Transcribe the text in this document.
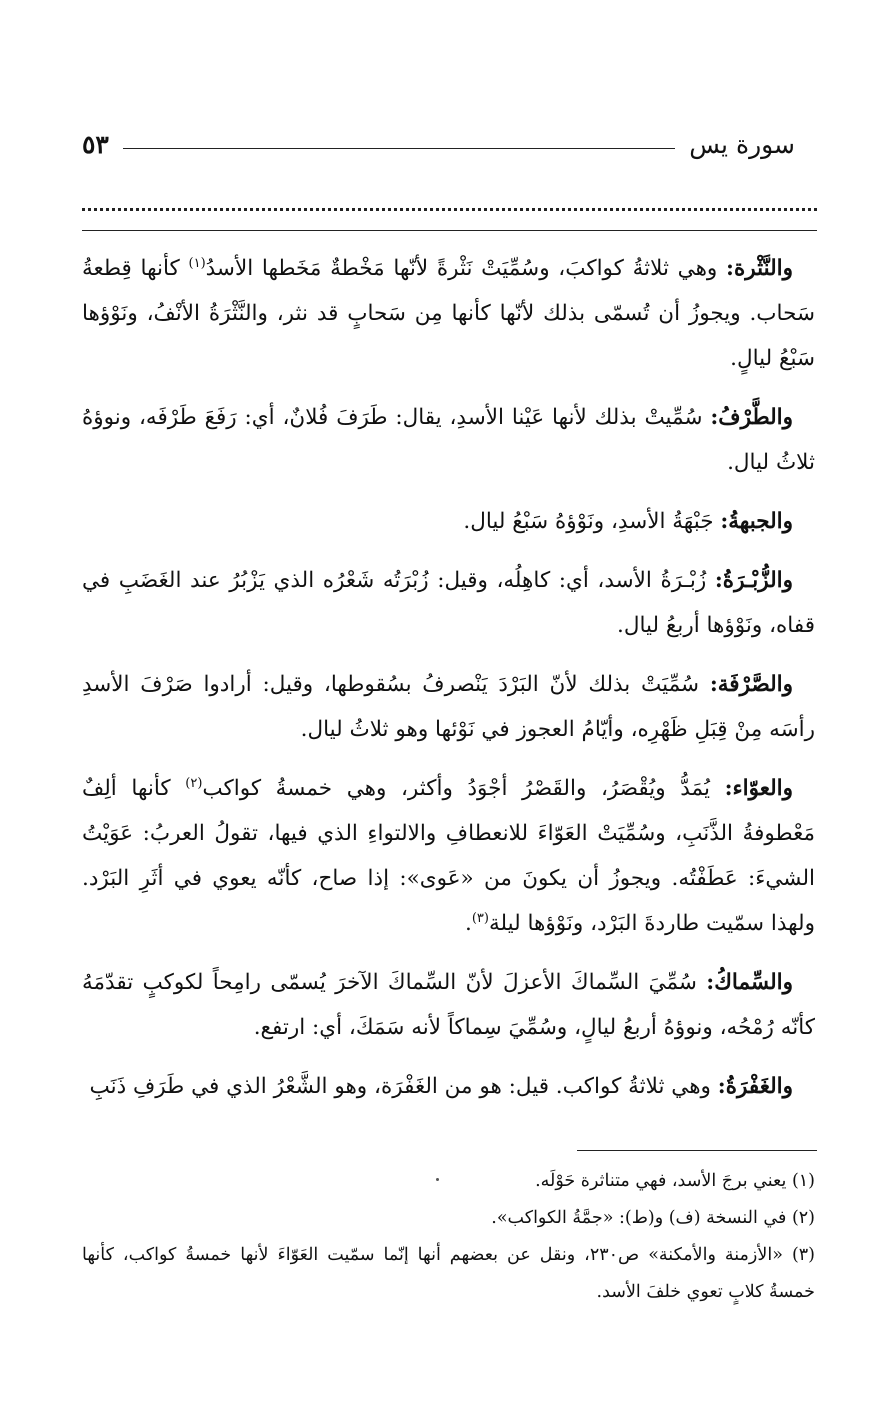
سورة يس
٥٣

والنَّثْرة: وهي ثلاثةُ كواكبَ، وسُمِّيَتْ نَثْرةً لأنّها مَخْطةٌ مَخَطها الأسدُ$^{(١)}$ كأنها قِطعةُ سَحاب. ويجوزُ أن تُسمّى بذلك لأنّها كأنها مِن سَحابٍ قد نثر، والنَّثْرَةُ الأنْفُ، ونَوْؤها سَبْعُ ليالٍ.

والطَّرْفُ: سُمِّيتْ بذلك لأنها عَيْنا الأسدِ، يقال: طَرَفَ فُلانٌ، أي: رَفَعَ طَرْفَه، ونوؤهُ ثلاثُ ليال.

والجبهةُ: جَبْهَةُ الأسدِ، ونَوْؤهُ سَبْعُ ليال.

والزُّبْـرَةُ: زُبْـرَةُ الأسد، أي: كاهِلُه، وقيل: زُبْرَتُه شَعْرُه الذي يَزْبُرُ عند الغَضَبِ في قفاه، ونَوْؤها أربعُ ليال.

والصَّرْفَة: سُمِّيَتْ بذلك لأنّ البَرْدَ يَنْصرفُ بسُقوطها، وقيل: أرادوا صَرْفَ الأسدِ رأسَه مِنْ قِبَلِ ظَهْرِه، وأيّامُ العجوز في نَوْئها وهو ثلاثُ ليال.

والعوّاء: يُمَدُّ ويُقْصَرُ، والقَصْرُ أجْوَدُ وأكثر، وهي خمسةُ كواكب$^{(٢)}$ كأنها ألِفٌ مَعْطوفةُ الذَّنَبِ، وسُمِّيَتْ العَوّاءَ للانعطافِ والالتواءِ الذي فيها، تقولُ العربُ: عَوَيْتُ الشيءَ: عَطَفْتُه. ويجوزُ أن يكونَ من «عَوى»: إذا صاح، كأنّه يعوي في أثَرِ البَرْد. ولهذا سمّيت طاردةَ البَرْد، ونَوْؤها ليلة$^{(٣)}$.

والسِّماكُ: سُمِّيَ السِّماكَ الأعزلَ لأنّ السِّماكَ الآخرَ يُسمّى رامِحاً لكوكبٍ تقدّمَهُ كأنّه رُمْحُه، ونوؤهُ أربعُ ليالٍ، وسُمِّيَ سِماكاً لأنه سَمَكَ، أي: ارتفع.

والغَفْرَةُ: وهي ثلاثةُ كواكب. قيل: هو من الغَفْرَة، وهو الشَّعْرُ الذي في طَرَفِ ذَنَبِ

(١) يعني برجَ الأسد، فهي متناثرة حَوْلَه.

(٢) في النسخة (ف) و(ط): «جمَّةُ الكواكب».

(٣) «الأزمنة والأمكنة» ص٢٣٠، ونقل عن بعضهم أنها إنّما سمّيت العَوّاءَ لأنها خمسةُ كواكب، كأنها خمسةُ كلابٍ تعوي خلفَ الأسد.
